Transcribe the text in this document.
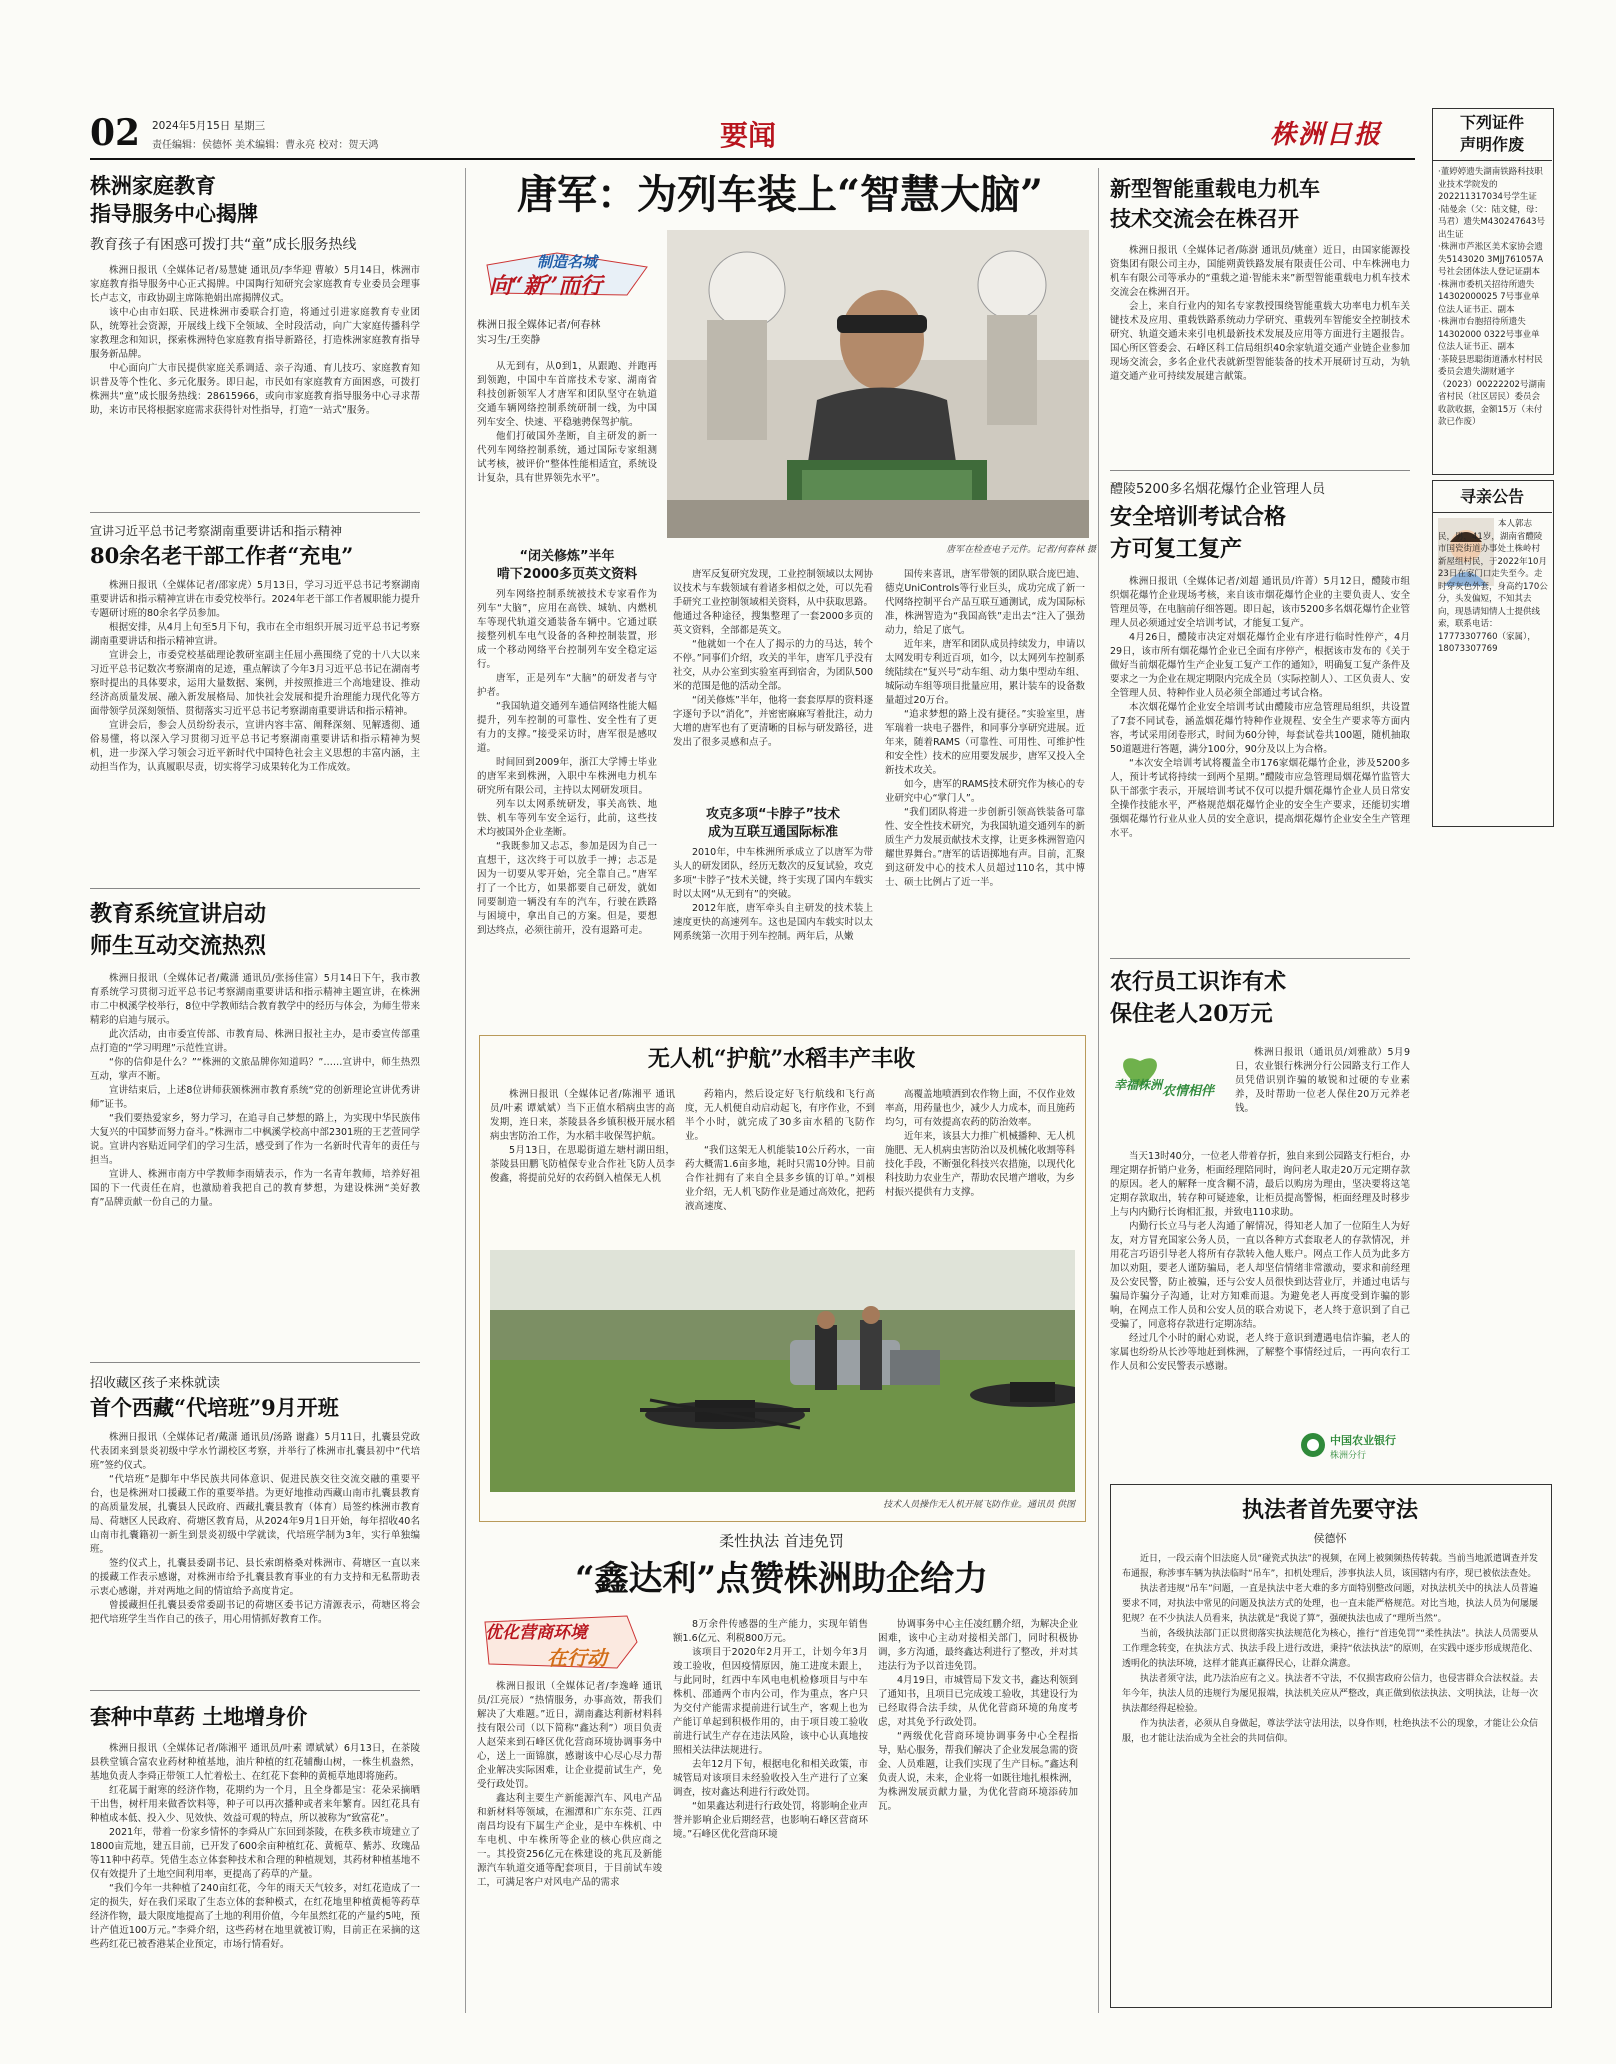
02 2024年5月15日 星期三
责任编辑：侯德怀 美术编辑：曹永亮 校对：贺天鸿	要闻	株洲日报
株洲家庭教育
指导服务中心揭牌
教育孩子有困惑可拨打共“童”成长服务热线

株洲日报讯（全媒体记者/易慧婕 通讯员/李华迎 曹敏）5月14日，株洲市家庭教育指导服务中心正式揭牌。中国陶行知研究会家庭教育专业委员会理事长卢志文，市政协副主席陈艳娟出席揭牌仪式。

该中心由市妇联、民进株洲市委联合打造，将通过引进家庭教育专业团队，统筹社会资源，开展线上线下全领域、全时段活动，向广大家庭传播科学家教理念和知识，探索株洲特色家庭教育指导新路径，打造株洲家庭教育指导服务新品牌。

中心面向广大市民提供家庭关系调适、亲子沟通、育儿技巧、家庭教育知识普及等个性化、多元化服务。即日起，市民如有家庭教育方面困惑，可拨打株洲共“童”成长服务热线：28615966，或向市家庭教育指导服务中心寻求帮助，来访市民将根据家庭需求获得针对性指导，打造“一站式”服务。

宣讲习近平总书记考察湖南重要讲话和指示精神
80余名老干部工作者“充电”

株洲日报讯（全媒体记者/邵家虎）5月13日，学习习近平总书记考察湖南重要讲话和指示精神宣讲在市委党校举行。2024年老干部工作者履职能力提升专题研讨班的80余名学员参加。

根据安排，从4月上旬至5月下旬，我市在全市组织开展习近平总书记考察湖南重要讲话和指示精神宣讲。

宣讲会上，市委党校基础理论教研室副主任屈小燕围绕了党的十八大以来习近平总书记数次考察湖南的足迹，重点解读了今年3月习近平总书记在湖南考察时提出的具体要求，运用大量数据、案例，并按照推进三个高地建设、推动经济高质量发展、融入新发展格局、加快社会发展和提升治理能力现代化等方面带领学员深刻领悟、贯彻落实习近平总书记考察湖南重要讲话和指示精神。

宣讲会后，参会人员纷纷表示，宣讲内容丰富、阐释深刻、见解透彻、通俗易懂，将以深入学习贯彻习近平总书记考察湖南重要讲话和指示精神为契机，进一步深入学习领会习近平新时代中国特色社会主义思想的丰富内涵，主动担当作为，认真履职尽责，切实将学习成果转化为工作成效。

教育系统宣讲启动
师生互动交流热烈

株洲日报讯（全媒体记者/戴潇 通讯员/张扬佳富）5月14日下午，我市教育系统学习贯彻习近平总书记考察湖南重要讲话和指示精神主题宣讲，在株洲市二中枫溪学校举行，8位中学教师结合教育教学中的经历与体会，为师生带来精彩的启迪与展示。

此次活动，由市委宣传部、市教育局、株洲日报社主办，是市委宣传部重点打造的“学习明理”示范性宣讲。

“你的信仰是什么？”“株洲的文旅品牌你知道吗？”……宣讲中，师生热烈互动，掌声不断。

宣讲结束后，上述8位讲师获颁株洲市教育系统“党的创新理论宣讲优秀讲师”证书。

“我们要热爱家乡，努力学习，在追寻自己梦想的路上，为实现中华民族伟大复兴的中国梦而努力奋斗。”株洲市二中枫溪学校高中部2301班的王艺萱同学说。宣讲内容贴近同学们的学习生活，感受到了作为一名新时代青年的责任与担当。

宣讲人、株洲市南方中学教师李雨婧表示，作为一名青年教师，培养好祖国的下一代责任在肩，也激励着我把自己的教育梦想，为建设株洲“美好教育”品牌贡献一份自己的力量。

招收藏区孩子来株就读
首个西藏“代培班”9月开班

株洲日报讯（全媒体记者/戴潇 通讯员/汤路 谢鑫）5月11日，扎囊县党政代表团来到景炎初级中学水竹湖校区考察，并举行了株洲市扎囊县初中“代培班”签约仪式。

“代培班”是脚年中华民族共同体意识、促进民族交往交流交融的重要平台，也是株洲对口援藏工作的重要举措。为更好地推动西藏山南市扎囊县教育的高质量发展，扎囊县人民政府、西藏扎囊县教育（体育）局签约株洲市教育局、荷塘区人民政府、荷塘区教育局，从2024年9月1日开始，每年招收40名山南市扎囊籍初一新生到景炎初级中学就读，代培班学制为3年，实行单独编班。

签约仪式上，扎囊县委副书记、县长索朗格桑对株洲市、荷塘区一直以来的援藏工作表示感谢，对株洲市给予扎囊县教育事业的有力支持和无私帮助表示衷心感谢，并对两地之间的情谊给予高度肯定。

曾援藏担任扎囊县委常委副书记的荷塘区委书记方清源表示，荷塘区将会把代培班学生当作自己的孩子，用心用情抓好教育工作。

套种中草药 土地增身价

株洲日报讯（全媒体记者/陈湘平 通讯员/叶素 谭斌斌）6月13日，在茶陵县秩堂镇合富农业药材种植基地，油片种植的红花辅酶山树，一株生机盎然，基地负责人李舜正带领工人忙着松土、在红花下套种的黄栀草地即将施药。

红花属于耐寒的经济作物，花期约为一个月，且全身都是宝：花朵采摘晒干出售，树杆用来做香饮料等，种子可以再次播种或者来年繁育。因红花具有种植成本低、投入少、见效快、效益可观的特点，所以被称为“致富花”。

2021年，带着一份家乡情怀的李舜从广东回到茶陵，在秩多秩市境建立了1800亩荒地，建五目前，已开发了600余亩种植红花、黄栀草、紫苏、玫瑰品等11种中药草。凭借生态立体套种技术和合理的种植规划，其药材种植基地不仅有效提升了土地空间利用率，更提高了药草的产量。

“我们今年一共种植了240亩红花，今年的雨天天气较多，对红花造成了一定的损失，好在我们采取了生态立体的套种模式，在红花地里种植黄栀等药草经济作物，最大限度地提高了土地的利用价值，今年虽然红花的产量约5吨，预计产值近100万元。”李舜介绍，这些药材在地里就被订购，目前正在采摘的这些药红花已被香港某企业预定，市场行情看好。

唐军：为列车装上“智慧大脑”
制造名城
向“新”而行
株洲日报全媒体记者/何春林
实习生/王奕静
唐军在检查电子元件。记者/何春林 摄

从无到有，从0到1，从跟跑、并跑再到领跑，中国中车首席技术专家、湖南省科技创新领军人才唐军和团队坚守在轨道交通车辆网络控制系统研制一线，为中国列车安全、快速、平稳驰骋保驾护航。

他们打破国外垄断，自主研发的新一代列车网络控制系统，通过国际专家组测试考核，被评价“整体性能相适宜，系统设计复杂，具有世界领先水平”。

“闭关修炼”半年
啃下2000多页英文资料

列车网络控制系统被技术专家看作为列车“大脑”，应用在高铁、城轨、内燃机车等现代轨道交通装备车辆中。它通过联接整列机车电气设备的各种控制装置，形成一个移动网络平台控制列车安全稳定运行。

唐军，正是列车“大脑”的研发者与守护者。

“我国轨道交通列车通信网络性能大幅提升，列车控制的可靠性、安全性有了更有力的支撑。”接受采访时，唐军很是感叹道。

时间回到2009年，浙江大学博士毕业的唐军来到株洲，入职中车株洲电力机车研究所有限公司，主持以太网研发项目。

列车以太网系统研发，事关高铁、地铁、机车等列车安全运行，此前，这些技术均被国外企业垄断。

“我既参加又忐忑，参加是因为自己一直想干，这次终于可以放手一搏；忐忑是因为一切要从零开始，完全靠自己。”唐军打了一个比方，如果都要自己研发，就如同要制造一辆没有车的汽车，行驶在跌路与困境中，拿出自己的方案。但是，要想到达终点，必须往前开，没有退路可走。

唐军反复研究发现，工业控制领域以太网协议技术与车载领域有着诸多相似之处，可以先看手研究工业控制领域相关资料，从中获取思路。他通过各种途径，搜集整理了一套2000多页的英文资料，全部都是英文。

“他就如一个在人了揭示的力的马达，转个不停。”同事们介绍，攻关的半年，唐军几乎没有社交，从办公室到实验室再到宿舍，为团队500米的范围是他的活动全部。

“闭关修炼”半年，他将一套套厚厚的资料逐字逐句予以“消化”，并密密麻麻写着批注，动力大增的唐军也有了更清晰的目标与研发路径，进发出了很多灵感和点子。

攻克多项“卡脖子”技术
成为互联互通国际标准

2010年，中车株洲所承成立了以唐军为带头人的研发团队，经历无数次的反复试验，攻克多项“卡脖子”技术关键，终于实现了国内车载实时以太网“从无到有”的突破。

2012年底，唐军牵头自主研发的技术装上速度更快的高速列车。这也是国内车载实时以太网系统第一次用于列车控制。两年后，从嫩

国传来喜讯，唐军带领的团队联合庞巴迪、德克UniControls等行业巨头，成功完成了新一代网络控制平台产品互联互通测试，成为国际标准，株洲智造为“我国高铁”走出去“注入了强劲动力，给足了底气。

近年来，唐军和团队成员持续发力，申请以太网发明专利近百项，如今，以太网列车控制系统陆续在“复兴号”动车组、动力集中型动车组、城际动车组等项目批量应用，累计装车的设备数量超过20万台。

“追求梦想的路上没有捷径。”实验室里，唐军瑞着一块电子器件，和同事分享研究进展。近年来，随着RAMS（可靠性、可用性、可维护性和安全性）技术的应用要发展步，唐军又投入全新技术攻关。

如今，唐军的RAMS技术研究作为核心的专业研究中心“掌门人”。

“我们团队将进一步创新引领高铁装备可靠性、安全性技术研究，为我国轨道交通列车的新质生产力发展贡献技术支撑，让更多株洲智造闪耀世界舞台。”唐军的话语掷地有声。目前，汇聚到这研发中心的技术人员超过110名，其中博士、硕士比例占了近一半。

无人机“护航”水稻丰产丰收

株洲日报讯（全媒体记者/陈湘平 通讯员/叶素 谭斌斌）当下正值水稻病虫害的高发期，连日来，茶陵县各乡镇积极开展水稻病虫害防治工作，为水稻丰收保驾护航。

5月13日，在思聪街道左塘村湖田组，茶陵县田鹏飞防植保专业合作社飞防人员李俊鑫，将提前兑好的农药倒入植保无人机

药箱内，然后设定好飞行航线和飞行高度，无人机便自动启动起飞，有序作业，不到半个小时，就完成了30多亩水稻的飞防作业。

“我们这架无人机能装10公斤药水，一亩药大概需1.6亩多地，耗时只需10分钟。目前合作社拥有了来自全县多乡镇的订单。”刘根业介绍，无人机飞防作业是通过高效化，把药液高速度、

高覆盖地喷洒到农作物上面，不仅作业效率高，用药量也少，减少人力成本，而且施药均匀，可有效提高农药的防治效率。

近年来，该县大力推广机械播种、无人机施肥、无人机病虫害防治以及机械化收割等科技化手段，不断强化科技兴农措施，以现代化科技助力农业生产，帮助农民增产增收，为乡村振兴提供有力支撑。

技术人员操作无人机开展飞防作业。通讯员 供图
柔性执法 首违免罚
“鑫达利”点赞株洲助企给力
优化营商环境
在行动

株洲日报讯（全媒体记者/李逸峰 通讯员/江亮辰）“热情服务，办事高效，帮我们解决了大难题。”近日，湖南鑫达利新材料科技有限公司（以下简称“鑫达利”）项目负责人赵荣来到石峰区优化营商环境协调事务中心，送上一面锦旗，感谢该中心尽心尽力帮企业解决实际困难，让企业提前试生产，免受行政处罚。

鑫达利主要生产新能源汽车、风电产品和新材料等领域，在湘潭和广东东莞、江西南昌均设有下属生产企业，是中车株机、中车电机、中车株所等企业的核心供应商之一。其投资256亿元在株建设的兆瓦及新能源汽车轨道交通等配套项目，于目前试车竣工，可满足客户对风电产品的需求

8万余件传感器的生产能力，实现年销售额1.6亿元、利税800万元。

该项目于2020年2月开工，计划今年3月竣工验收，但因疫情原因，施工进度未跟上，与此同时，红西中车风电电机检修项目与中车株机、邵通两个市内公司，作为重点，客户只为交付产能需求提前进行试生产，客观上也为产能订单起到积极作用的，由于项目竣工验收前进行试生产存在违法风险，该中心认真地按照相关法律法规进行。

去年12月下旬，根据电化和相关政策，市城管局对该项目未经验收投入生产进行了立案调查，按对鑫达利进行行政处罚。

“如果鑫达利进行行政处罚，将影响企业声誉并影响企业后期经营，也影响石峰区营商环境。”石峰区优化营商环境

协调事务中心主任凌红鹏介绍，为解决企业困难，该中心主动对接相关部门，同时积极协调，多方沟通，最终鑫达利进行了整改，并对其违法行为予以首违免罚。

4月19日，市城管局下发文书，鑫达利领到了通知书，且项目已完成竣工验收，其建设行为已经取得合法手续，从优化营商环境的角度考虑，对其免予行政处罚。

“两级优化营商环境协调事务中心全程指导，贴心服务，帮我们解决了企业发展急需的资金、人员难题，让我们实现了生产目标。”鑫达利负责人说，未来，企业将一如既往地扎根株洲，为株洲发展贡献力量，为优化营商环境添砖加瓦。

新型智能重载电力机车
技术交流会在株召开

株洲日报讯（全媒体记者/陈澍 通讯员/姚童）近日，由国家能源投资集团有限公司主办，国能朔黄铁路发展有限责任公司、中车株洲电力机车有限公司等承办的“重载之道·智能未来”新型智能重载电力机车技术交流会在株洲召开。

会上，来自行业内的知名专家教授围绕智能重载大功率电力机车关键技术及应用、重载铁路系统动力学研究、重载列车智能安全控制技术研究、轨道交通未来引电机最新技术发展及应用等方面进行主题报告。国心所区管委会、石峰区科工信局组织40余家轨道交通产业链企业参加现场交流会，多名企业代表就新型智能装备的技术开展研讨互动，为轨道交通产业可持续发展建言献策。

醴陵5200多名烟花爆竹企业管理人员
安全培训考试合格
方可复工复产

株洲日报讯（全媒体记者/刘超 通讯员/许菁）5月12日，醴陵市组织烟花爆竹企业现场考核，来自该市烟花爆竹企业的主要负责人、安全管理员等，在电脑前仔细答题。即日起，该市5200多名烟花爆竹企业管理人员必须通过安全培训考试，才能复工复产。

4月26日，醴陵市决定对烟花爆竹企业有序进行临时性停产，4月29日，该市所有烟花爆竹企业已全面有序停产，根据该市发布的《关于做好当前烟花爆竹生产企业复工复产工作的通知》，明确复工复产条件及要求之一为企业在规定期限内完成全员（实际控制人）、工区负责人、安全管理人员、特种作业人员必须全部通过考试合格。

本次烟花爆竹企业安全培训考试由醴陵市应急管理局组织，共设置了7套不同试卷，涵盖烟花爆竹特种作业规程、安全生产要求等方面内容，考试采用闭卷形式，时间为60分钟，每套试卷共100题，随机抽取50道题进行答题，满分100分，90分及以上为合格。

“本次安全培训考试将覆盖全市176家烟花爆竹企业，涉及5200多人，预计考试将持续一到两个星期。”醴陵市应急管理局烟花爆竹监管大队干部张宇表示，开展培训考试不仅可以提升烟花爆竹企业人员日常安全操作技能水平，严格规范烟花爆竹企业的安全生产要求，还能切实增强烟花爆竹行业从业人员的安全意识，提高烟花爆竹企业安全生产管理水平。

农行员工识诈有术
保住老人20万元
幸福株洲 农情相伴
株洲日报讯（通讯员/刘雅歆）5月9日，农业银行株洲分行公园路支行工作人员凭借识别诈骗的敏锐和过硬的专业素养，及时帮助一位老人保住20万元养老钱。

当天13时40分，一位老人带着存折，独自来到公园路支行柜台，办理定期存折销户业务，柜面经理陪同时，询问老人取走20万元定期存款的原因。老人的解释一度含糊不清，最后以购房为理由，坚决要将这笔定期存款取出，转存种可疑迹象，让柜员提高警惕，柜面经理及时移步上与内内勤行长询相汇报，并致电110求助。

内勤行长立马与老人沟通了解情况，得知老人加了一位陌生人为好友，对方冒充国家公务人员，一直以各种方式套取老人的存款情况，并用花言巧语引导老人将所有存款转入他人账户。网点工作人员为此多方加以劝阻，要老人谨防骗局，老人却坚信情绪非常激动，要求和前经理及公安民警，防止被骗，还与公安人员很快到达营业厅，并通过电话与骗局诈骗分子沟通，让对方知难而退。为避免老人再度受到诈骗的影响，在网点工作人员和公安人员的联合劝说下，老人终于意识到了自己受骗了，同意将存款进行定期冻结。

经过几个小时的耐心劝说，老人终于意识到遭遇电信诈骗，老人的家属也纷纷从长沙等地赶到株洲，了解整个事情经过后，一再向农行工作人员和公安民警表示感谢。

中国农业银行
株洲分行
执法者首先要守法
侯德怀

近日，一段云南个旧法庭人员“碰瓷式执法”的视频，在网上被频频热传转载。当前当地派遣调查并发布通报，称涉事车辆为执法临时“吊车”，扣机处理后，涉事执法人员，该国辖内有序，现已被依法查处。

执法者违规“吊车”问题，一直是执法中老大难的多方面特别整改问题，对执法机关中的执法人员普遍要求不同，对执法中常见的问题及执法方式的处理，也一直未能严格规范。对比当地，执法人员为何屡屡犯规？在不少执法人员看来，执法就是“我说了算”，强硬执法也成了“理所当然”。

当前，各级执法部门正以贯彻落实执法规范化为核心，推行“首违免罚”“柔性执法”。执法人员需要从工作理念转变，在执法方式、执法手段上进行改进，秉持“依法执法”的原则，在实践中逐步形成规范化、透明化的执法环境，这样才能真正赢得民心，让群众满意。

执法者须守法，此乃法治应有之义。执法者不守法，不仅损害政府公信力，也侵害群众合法权益。去年今年，执法人员的违规行为屡见报端，执法机关应从严整改，真正做到依法执法、文明执法，让每一次执法都经得起检验。

作为执法者，必须从自身做起，尊法学法守法用法，以身作则，杜绝执法不公的现象，才能让公众信服，也才能让法治成为全社会的共同信仰。

下列证件
声明作废
·董婷婷遗失湖南铁路科技职业技术学院发的202211317034号学生证
·陆曼余（父：陆文健，母：马君）遗失M430247643号出生证
·株洲市芦淞区美术家协会遗失5143020 3MJJ761057A号社会团体法人登记证副本
·株洲市委机关招待所遗失14302000025 7号事业单位法人证书正、副本
·株洲市台胞招待所遗失14302000 0322号事业单位法人证书正、副本
·茶陵县思聪街道潘水村村民委员会遗失湖财通字（2023）00222202号湖南省村民（社区居民）委员会收款收据，金额15万（未付款已作废）
寻亲公告
本人郭志民，男，41岁，湖南省醴陵市国瓷街道办事处土株岭村新屋组村民，于2022年10月23日在家门口走失至今。走时穿灰色外套，身高约170公分，头发偏短，不知其去向，现恳请知情人士提供线索，联系电话：17773307760（家属），18073307769
